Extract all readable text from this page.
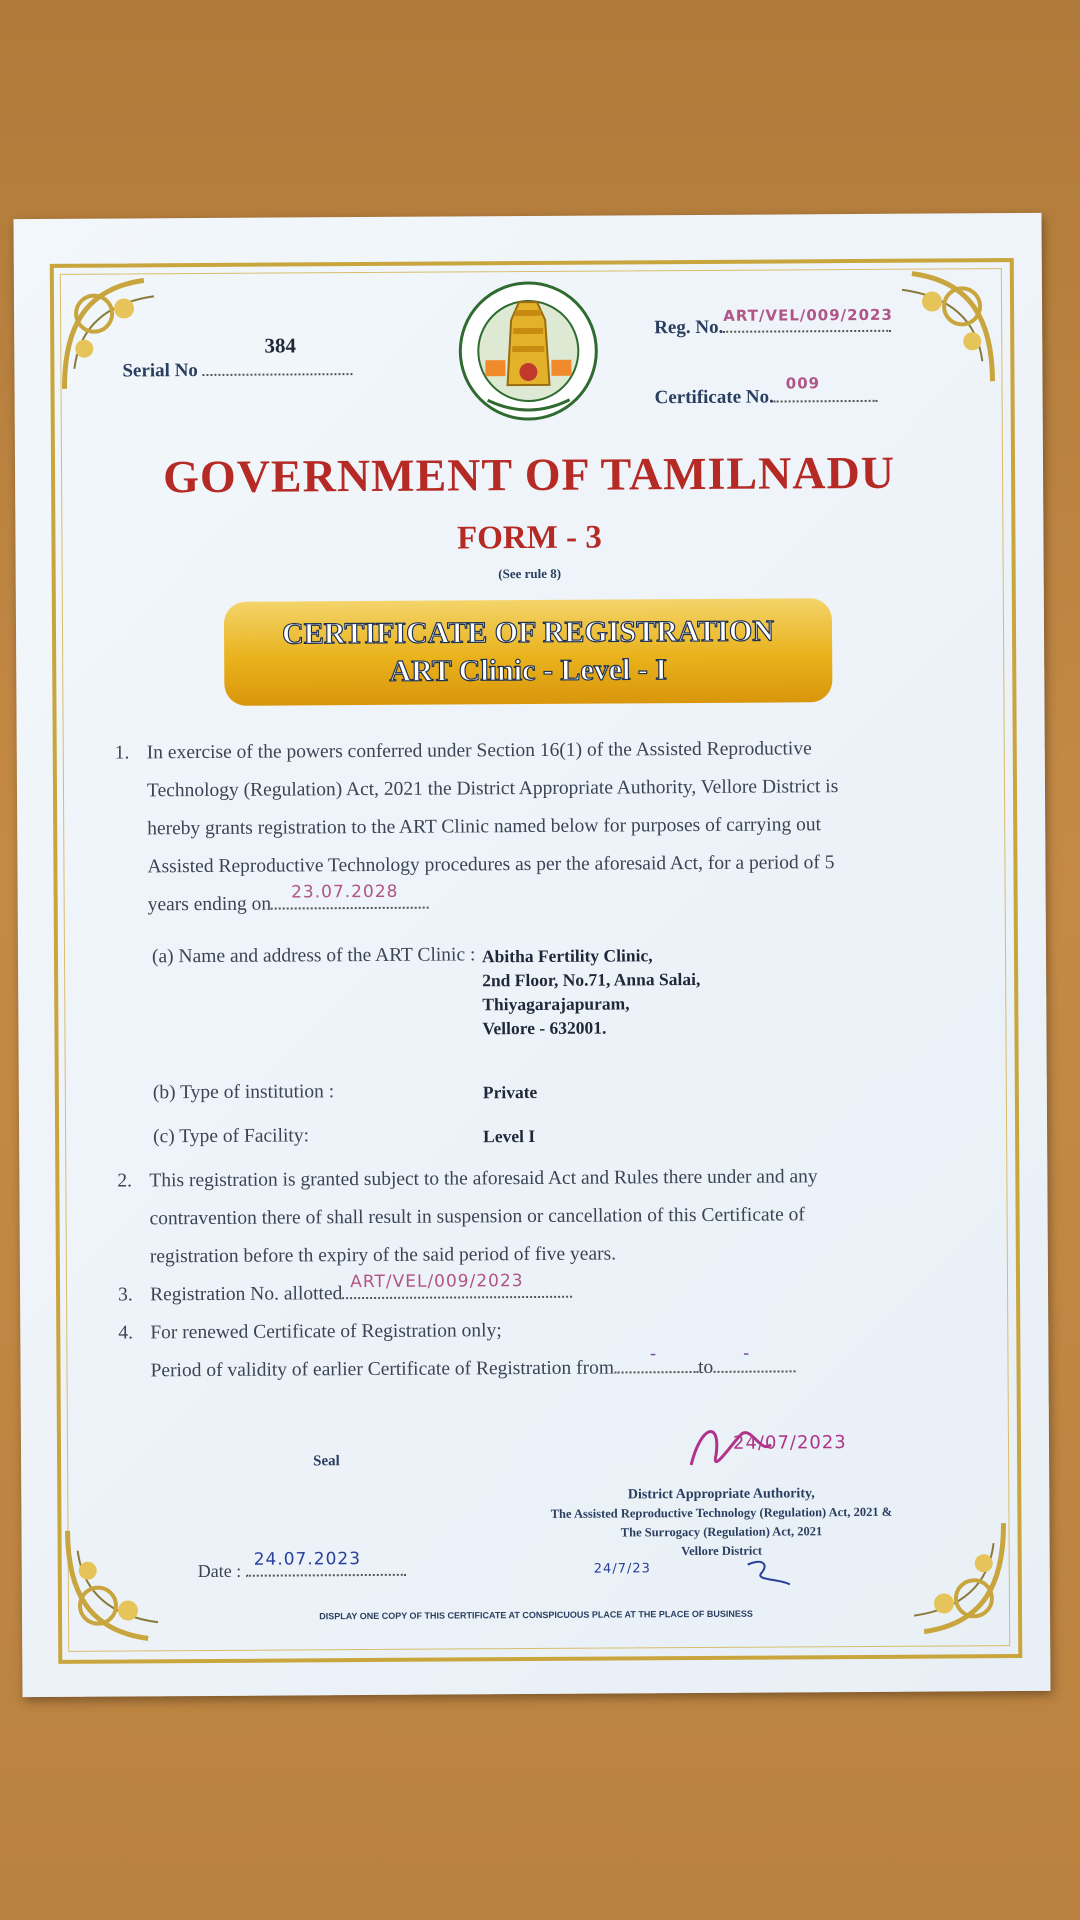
Serial No
384
Reg. No.
ART/VEL/009/2023
Certificate No.
009
GOVERNMENT OF TAMILNADU
FORM - 3
(See rule 8)
CERTIFICATE OF REGISTRATION
ART Clinic - Level - I
1. In exercise of the powers conferred under Section 16(1) of the Assisted Reproductive
Technology (Regulation) Act, 2021 the District Appropriate Authority, Vellore District is
hereby grants registration to the ART Clinic named below for purposes of carrying out
Assisted Reproductive Technology procedures as per the aforesaid Act, for a period of 5
years ending on
23.07.2028
(a) Name and address of the ART Clinic : Abitha Fertility Clinic,
2nd Floor, No.71, Anna Salai,
Thiyagarajapuram,
Vellore - 632001.
(b) Type of institution :	Private
(c) Type of Facility:	Level I
2. This registration is granted subject to the aforesaid Act and Rules there under and any
contravention there of shall result in suspension or cancellation of this Certificate of
registration before th expiry of the said period of five years.
3. Registration No. allotted
ART/VEL/009/2023
4. For renewed Certificate of Registration only;
Period of validity of earlier Certificate of Registration from
-
to
-
Seal
24/07/2023
District Appropriate Authority,
The Assisted Reproductive Technology (Regulation) Act, 2021 &
The Surrogacy (Regulation) Act, 2021
Vellore District
24/7/23
Date :
24.07.2023
DISPLAY ONE COPY OF THIS CERTIFICATE AT CONSPICUOUS PLACE AT THE PLACE OF BUSINESS
